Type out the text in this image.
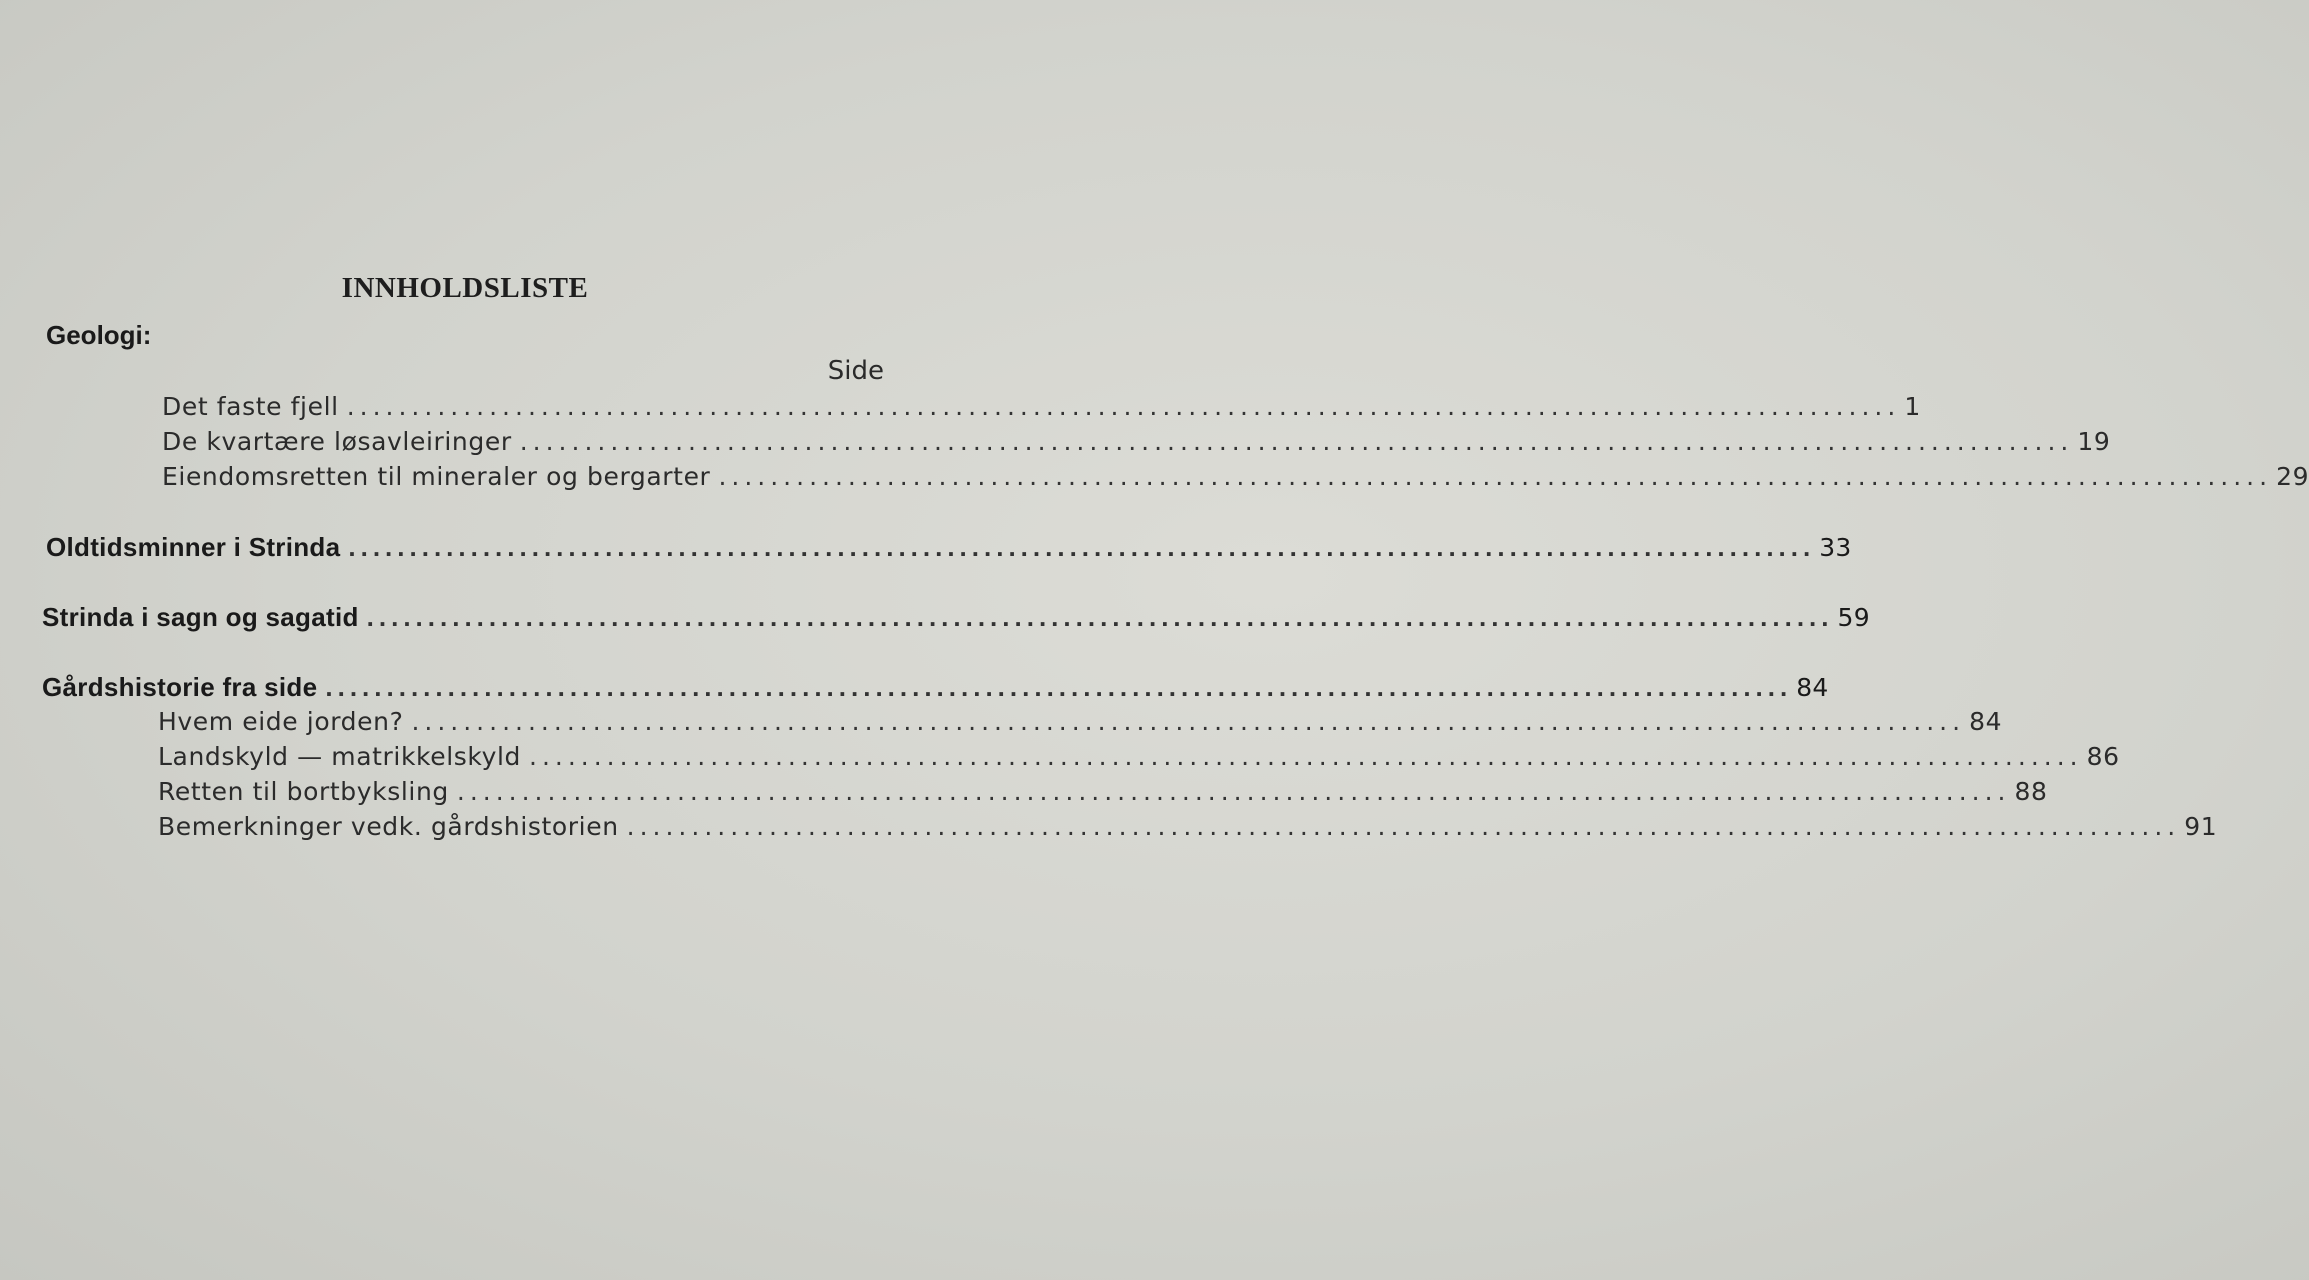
INNHOLDSLISTE
Geologi:
Side
Det faste fjell ........................................................................................................................ 1
De kvartære løsavleiringer ........................................................................................................................ 19
Eiendomsretten til mineraler og bergarter ........................................................................................................................ 29
Oldtidsminner i Strinda ........................................................................................................................ 33
Strinda i sagn og sagatid ........................................................................................................................ 59
Gårdshistorie fra side ........................................................................................................................ 84
Hvem eide jorden? ........................................................................................................................ 84
Landskyld — matrikkelskyld ........................................................................................................................ 86
Retten til bortbyksling ........................................................................................................................ 88
Bemerkninger vedk. gårdshistorien ........................................................................................................................ 91
